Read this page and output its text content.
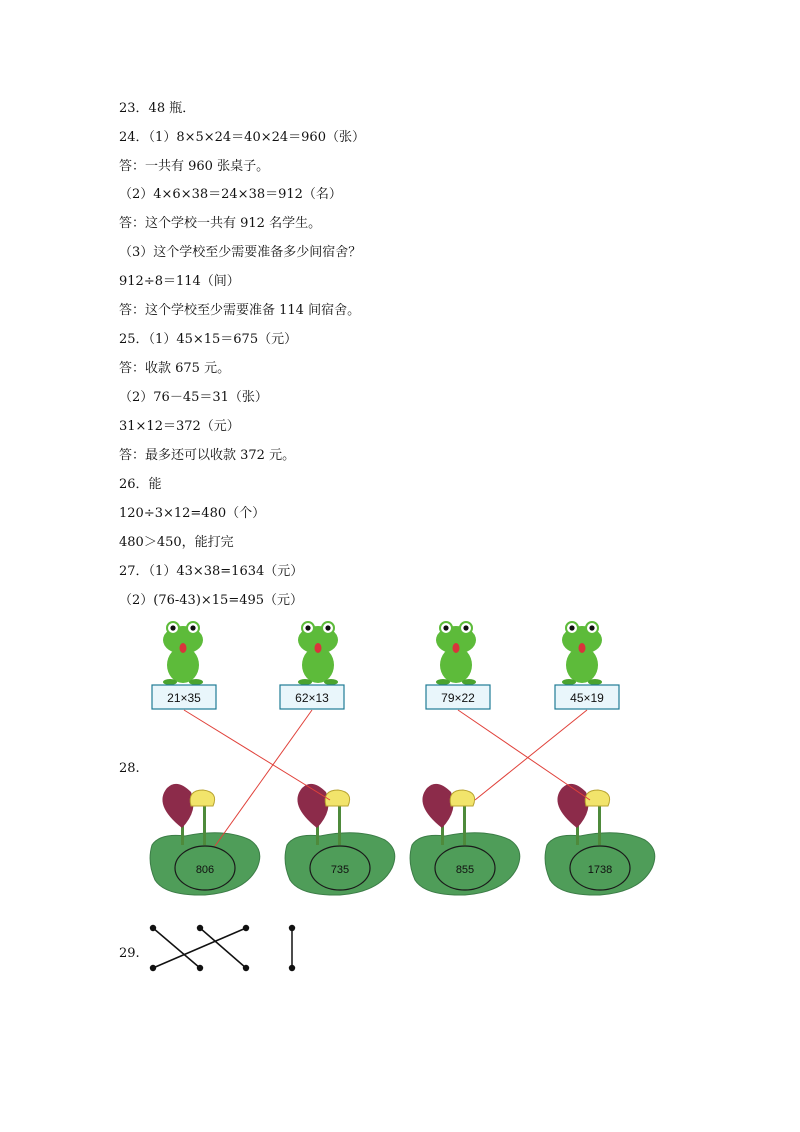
23．48 瓶．
24．（1）8×5×24＝40×24＝960（张）
答：一共有 960 张桌子。
（2）4×6×38＝24×38＝912（名）
答：这个学校一共有 912 名学生。
（3）这个学校至少需要准备多少间宿舍？
912÷8＝114（间）
答：这个学校至少需要准备 114 间宿舍。
25．（1）45×15＝675（元）
答：收款 675 元。
（2）76－45＝31（张）
31×12＝372（元）
答：最多还可以收款 372 元。
26．能
120÷3×12=480（个）
480＞450，能打完
27．（1）43×38=1634（元）
（2）(76-43)×15=495（元）
28.
29.
806	735	855	1738
21×35	62×13	79×22	45×19
